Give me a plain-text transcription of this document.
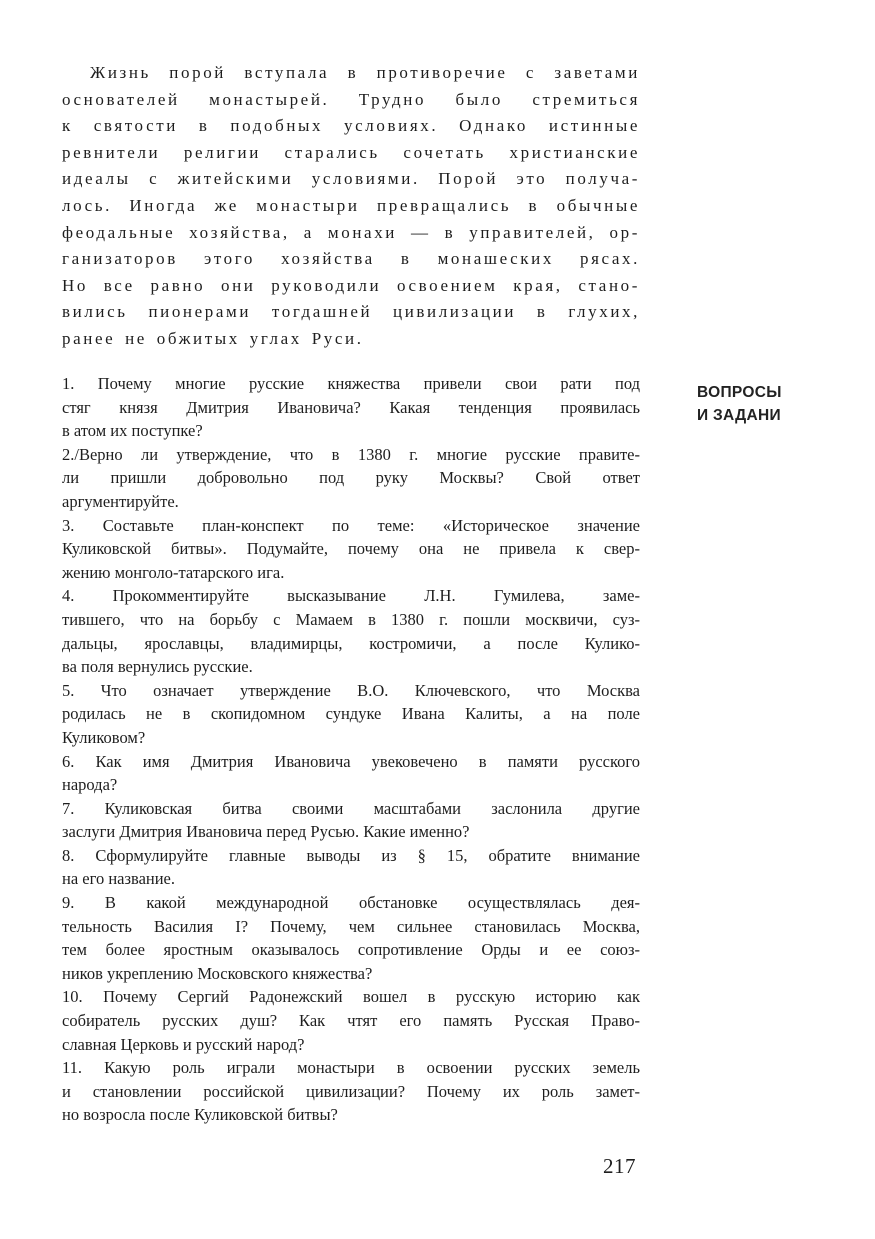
Жизнь порой вступала в противоречие с заветами
основателей монастырей. Трудно было стремиться
к святости в подобных условиях. Однако истинные
ревнители религии старались сочетать христианские
идеалы с житейскими условиями. Порой это получа-
лось. Иногда же монастыри превращались в обычные
феодальные хозяйства, а монахи — в управителей, ор-
ганизаторов этого хозяйства в монашеских рясах.
Но все равно они руководили освоением края, стано-
вились пионерами тогдашней цивилизации в глухих,
ранее не обжитых углах Руси.
ВОПРОСЫ
И ЗАДАНИ

1. Почему многие русские княжества привели свои рати под
стяг князя Дмитрия Ивановича? Какая тенденция проявилась
в атом их поступке?

2./Верно ли утверждение, что в 1380 г. многие русские правите-
ли пришли добровольно под руку Москвы? Свой ответ
аргументируйте.

3. Составьте план-конспект по теме: «Историческое значение
Куликовской битвы». Подумайте, почему она не привела к свер-
жению монголо-татарского ига.

4. Прокомментируйте высказывание Л.Н. Гумилева, заме-
тившего, что на борьбу с Мамаем в 1380 г. пошли москвичи, суз-
дальцы, ярославцы, владимирцы, костромичи, а после Кулико-
ва поля вернулись русские.

5. Что означает утверждение В.О. Ключевского, что Москва
родилась не в скопидомном сундуке Ивана Калиты, а на поле
Куликовом?

6. Как имя Дмитрия Ивановича увековечено в памяти русского
народа?

7. Куликовская битва своими масштабами заслонила другие
заслуги Дмитрия Ивановича перед Русью. Какие именно?

8. Сформулируйте главные выводы из § 15, обратите внимание
на его название.

9. В какой международной обстановке осуществлялась дея-
тельность Василия I? Почему, чем сильнее становилась Москва,
тем более яростным оказывалось сопротивление Орды и ее союз-
ников укреплению Московского княжества?

10. Почему Сергий Радонежский вошел в русскую историю как
собиратель русских душ? Как чтят его память Русская Право-
славная Церковь и русский народ?

11. Какую роль играли монастыри в освоении русских земель
и становлении российской цивилизации? Почему их роль замет-
но возросла после Куликовской битвы?

217
